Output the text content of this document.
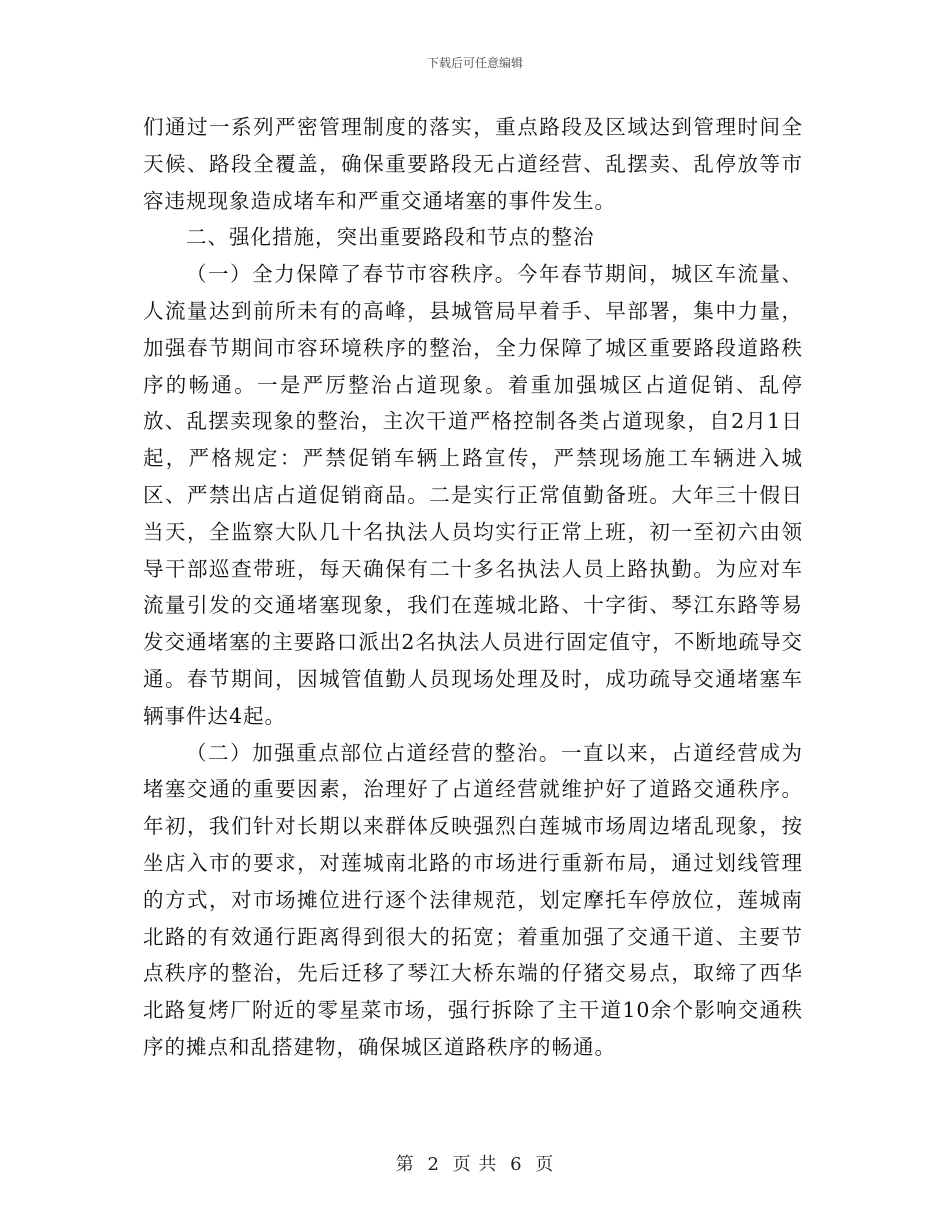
下载后可任意编辑

们通过一系列严密管理制度的落实，重点路段及区域达到管理时间全天候、路段全覆盖，确保重要路段无占道经营、乱摆卖、乱停放等市容违规现象造成堵车和严重交通堵塞的事件发生。

二、强化措施，突出重要路段和节点的整治

（一）全力保障了春节市容秩序。今年春节期间，城区车流量、人流量达到前所未有的高峰，县城管局早着手、早部署，集中力量，加强春节期间市容环境秩序的整治，全力保障了城区重要路段道路秩序的畅通。一是严厉整治占道现象。着重加强城区占道促销、乱停放、乱摆卖现象的整治，主次干道严格控制各类占道现象，自2月1日起，严格规定：严禁促销车辆上路宣传，严禁现场施工车辆进入城区、严禁出店占道促销商品。二是实行正常值勤备班。大年三十假日当天，全监察大队几十名执法人员均实行正常上班，初一至初六由领导干部巡查带班，每天确保有二十多名执法人员上路执勤。为应对车流量引发的交通堵塞现象，我们在莲城北路、十字街、琴江东路等易发交通堵塞的主要路口派出2名执法人员进行固定值守，不断地疏导交通。春节期间，因城管值勤人员现场处理及时，成功疏导交通堵塞车辆事件达4起。

（二）加强重点部位占道经营的整治。一直以来，占道经营成为堵塞交通的重要因素，治理好了占道经营就维护好了道路交通秩序。年初，我们针对长期以来群体反映强烈白莲城市场周边堵乱现象，按坐店入市的要求，对莲城南北路的市场进行重新布局，通过划线管理的方式，对市场摊位进行逐个法律规范，划定摩托车停放位，莲城南北路的有效通行距离得到很大的拓宽；着重加强了交通干道、主要节点秩序的整治，先后迁移了琴江大桥东端的仔猪交易点，取缔了西华北路复烤厂附近的零星菜市场，强行拆除了主干道10余个影响交通秩序的摊点和乱搭建物，确保城区道路秩序的畅通。

第 2 页 共 6 页
